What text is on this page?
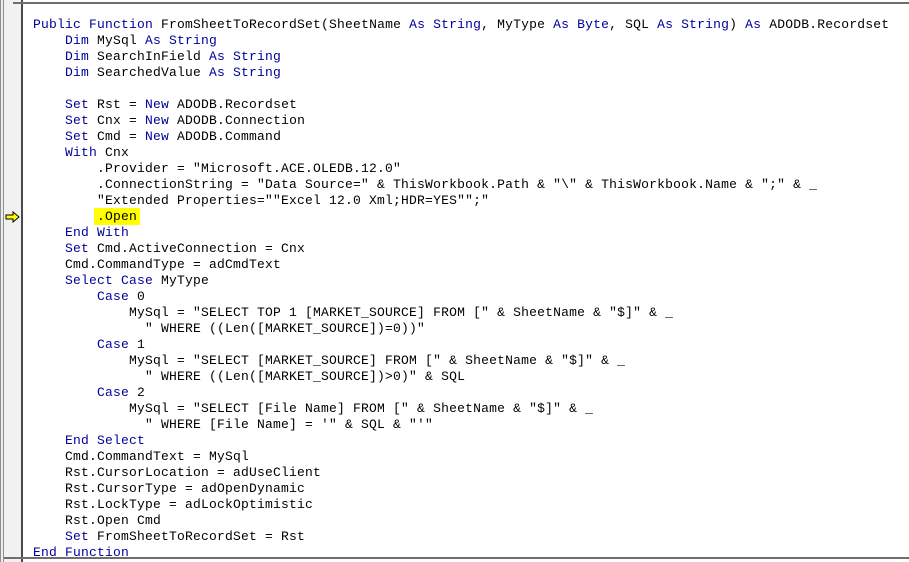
Public Function FromSheetToRecordSet(SheetName As String, MyType As Byte, SQL As String) As ADODB.Recordset
Dim MySql As String
Dim SearchInField As String
Dim SearchedValue As String

Set Rst = New ADODB.Recordset
Set Cnx = New ADODB.Connection
Set Cmd = New ADODB.Command
With Cnx
.Provider = "Microsoft.ACE.OLEDB.12.0"
.ConnectionString = "Data Source=" & ThisWorkbook.Path & "\" & ThisWorkbook.Name & ";" & _
"Extended Properties=""Excel 12.0 Xml;HDR=YES"";"
.Open
End With
Set Cmd.ActiveConnection = Cnx
Cmd.CommandType = adCmdText
Select Case MyType
Case 0
MySql = "SELECT TOP 1 [MARKET_SOURCE] FROM [" & SheetName & "$]" & _
" WHERE ((Len([MARKET_SOURCE])=0))"
Case 1
MySql = "SELECT [MARKET_SOURCE] FROM [" & SheetName & "$]" & _
" WHERE ((Len([MARKET_SOURCE])>0)" & SQL
Case 2
MySql = "SELECT [File Name] FROM [" & SheetName & "$]" & _
" WHERE [File Name] = '" & SQL & "'"
End Select
Cmd.CommandText = MySql
Rst.CursorLocation = adUseClient
Rst.CursorType = adOpenDynamic
Rst.LockType = adLockOptimistic
Rst.Open Cmd
Set FromSheetToRecordSet = Rst
End Function
